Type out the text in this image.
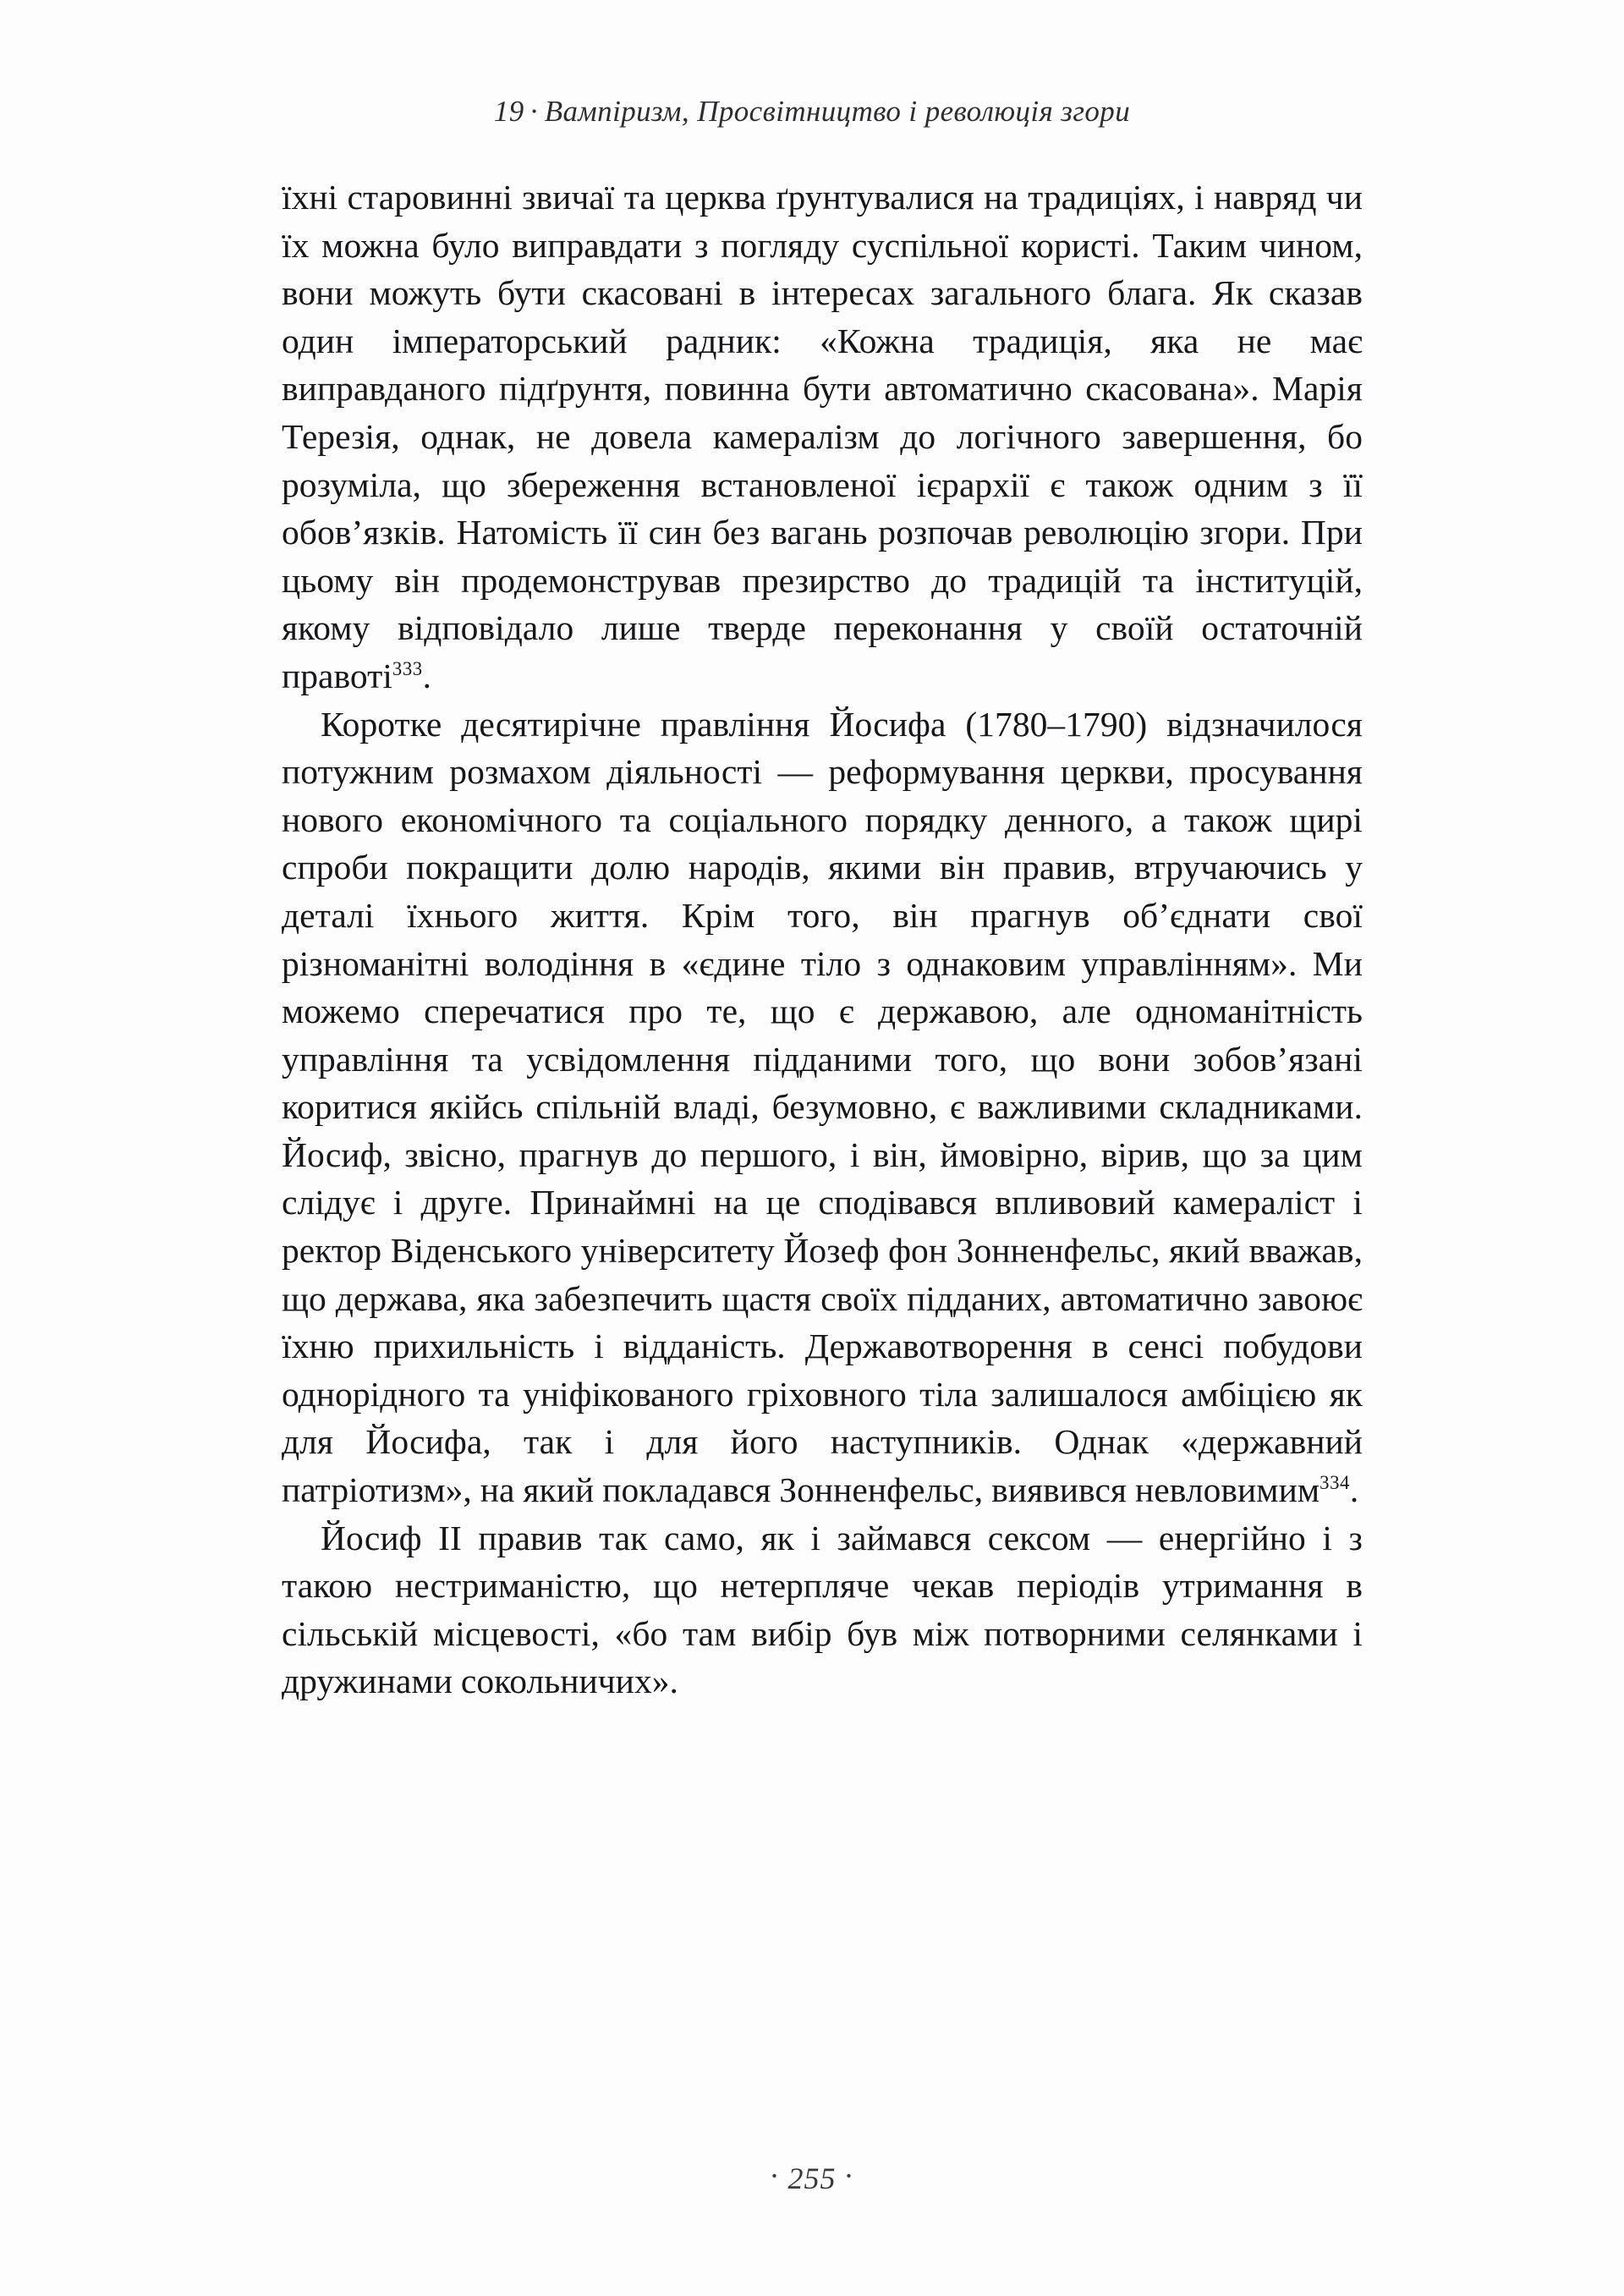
19 · Вампіризм, Просвітництво і революція згори

їхні старовинні звичаї та церква ґрунтувалися на традиціях, і навряд чи їх можна було виправдати з погляду суспільної користі. Таким чином, вони можуть бути скасовані в інтересах загального блага. Як сказав один імператорський радник: «Кожна традиція, яка не має виправданого підґрунтя, повинна бути автоматично скасована». Марія Терезія, однак, не довела камералізм до логічного завершення, бо розуміла, що збереження встановленої ієрархії є також одним з її обов’язків. Натомість її син без вагань розпочав революцію згори. При цьому він продемонстрував презирство до традицій та інституцій, якому відповідало лише тверде переконання у своїй остаточній правоті$^{333}$.

Коротке десятирічне правління Йосифа (1780–1790) відзначилося потужним розмахом діяльності — реформування церкви, просування нового економічного та соціального порядку денного, а також щирі спроби покращити долю народів, якими він правив, втручаючись у деталі їхнього життя. Крім того, він прагнув об’єднати свої різноманітні володіння в «єдине тіло з однаковим управлінням». Ми можемо сперечатися про те, що є державою, але одноманітність управління та усвідомлення підданими того, що вони зобов’язані коритися якійсь спільній владі, безумовно, є важливими складниками. Йосиф, звісно, прагнув до першого, і він, ймовірно, вірив, що за цим слідує і друге. Принаймні на це сподівався впливовий камераліст і ректор Віденського університету Йозеф фон Зонненфельс, який вважав, що держава, яка забезпечить щастя своїх підданих, автоматично завоює їхню прихильність і відданість. Державотворення в сенсі побудови однорідного та уніфікованого гріховного тіла залишалося амбіцією як для Йосифа, так і для його наступників. Однак «державний патріотизм», на який покладався Зонненфельс, виявився невловимим$^{334}$.

Йосиф II правив так само, як і займався сексом — енергійно і з такою нестриманістю, що нетерпляче чекав періодів утримання в сільській місцевості, «бо там вибір був між потворними селянками і дружинами сокольничих».

· 255 ·
